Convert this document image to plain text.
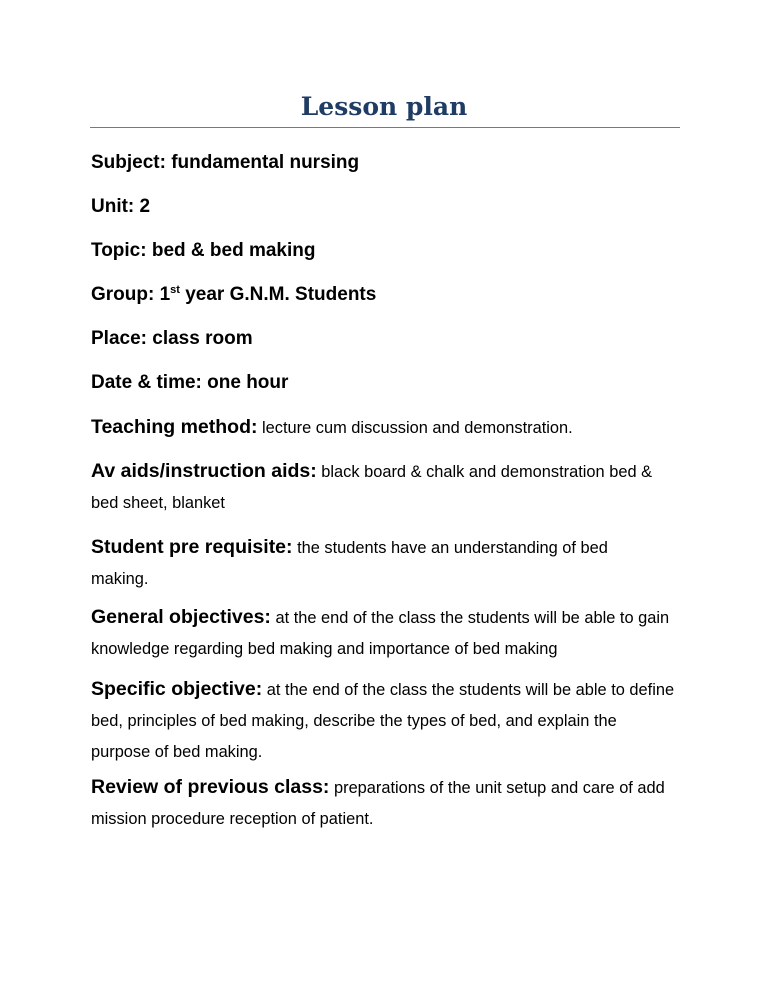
Lesson plan
Subject: fundamental nursing
Unit: 2
Topic: bed & bed making
Group: 1st year G.N.M. Students
Place: class room
Date & time: one hour
Teaching method: lecture cum discussion and demonstration.
Av aids/instruction aids: black board & chalk and demonstration bed & bed sheet, blanket
Student pre requisite: the students have an understanding of bed making.
General objectives: at the end of the class the students will be able to gain knowledge regarding bed making and importance of bed making
Specific objective: at the end of the class the students will be able to define bed, principles of bed making, describe the types of bed, and explain the purpose of bed making.
Review of previous class: preparations of the unit setup and care of add mission procedure reception of patient.
